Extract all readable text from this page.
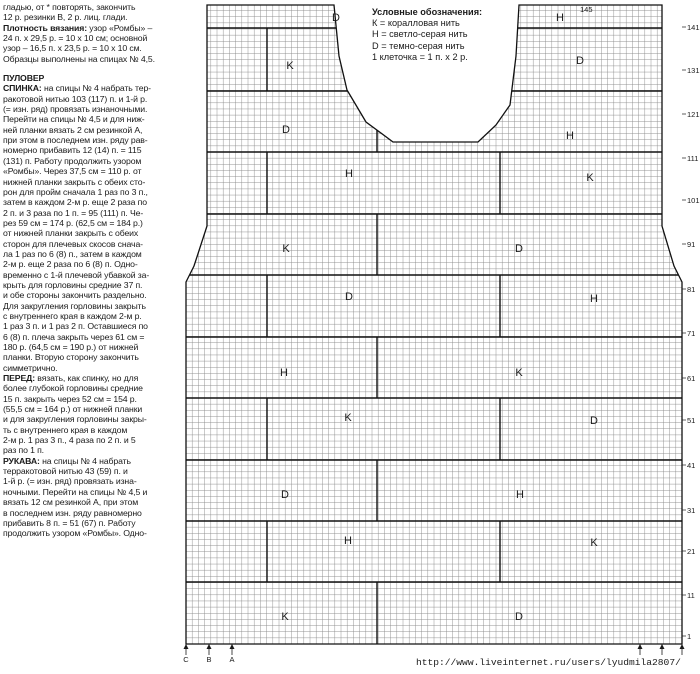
гладью, от * повторять, закончить
12 р. резинки В, 2 р. лиц. глади.

Плотность вязания: узор «Ромбы» –
24 п. х 29,5 р. = 10 х 10 см; основной
узор – 16,5 п. х 23,5 р. = 10 х 10 см.
Образцы выполнены на спицах № 4,5.

ПУЛОВЕР

СПИНКА: на спицы № 4 набрать тер-
ракотовой нитью 103 (117) п. и 1-й р.
(= изн. ряд) провязать изнаночными.
Перейти на спицы № 4,5 и для ниж-
ней планки вязать 2 см резинкой А,
при этом в последнем изн. ряду рав-
номерно прибавить 12 (14) п. = 115
(131) п. Работу продолжить узором
«Ромбы». Через 37,5 см = 110 р. от
нижней планки закрыть с обеих сто-
рон для пройм сначала 1 раз по 3 п.,
затем в каждом 2-м р. еще 2 раза по
2 п. и 3 раза по 1 п. = 95 (111) п. Че-
рез 59 см = 174 р. (62,5 см = 184 р.)
от нижней планки закрыть с обеих
сторон для плечевых скосов снача-
ла 1 раз по 6 (8) п., затем в каждом
2-м р. еще 2 раза по 6 (8) п. Одно-
временно с 1-й плечевой убавкой за-
крыть для горловины средние 37 п.
и обе стороны закончить раздельно.
Для закругления горловины закрыть
с внутреннего края в каждом 2-м р.
1 раз 3 п. и 1 раз 2 п. Оставшиеся по
6 (8) п. плеча закрыть через 61 см =
180 р. (64,5 см = 190 р.) от нижней
планки. Вторую сторону закончить
симметрично.

ПЕРЕД: вязать, как спинку, но для
более глубокой горловины средние
15 п. закрыть через 52 см = 154 р.
(55,5 см = 164 р.) от нижней планки
и для закругления горловины закры-
ть с внутреннего края в каждом
2-м р. 1 раз 3 п., 4 раза по 2 п. и 5
раз по 1 п.

РУКАВА: на спицы № 4 набрать
терракотовой нитью 43 (59) п. и
1-й р. (= изн. ряд) провязать изна-
ночными. Перейти на спицы № 4,5 и
вязать 12 см резинкой А, при этом
в последнем изн. ряду равномерно
прибавить 8 п. = 51 (67) п. Работу
продолжить узором «Ромбы». Одно-

D	H
K	D
D	H
H	K
K	D
D	H
H	K
K	D
D	H
H	K
K	D
1
11
21
31
41
51
61
71
81
91
101
111
121
131
141
145
C B A
Условные обозначения:
К = коралловая нить
Н = светло-серая нить
D = темно-серая нить
1 клеточка = 1 п. х 2 р.
http://www.liveinternet.ru/users/lyudmila2807/
